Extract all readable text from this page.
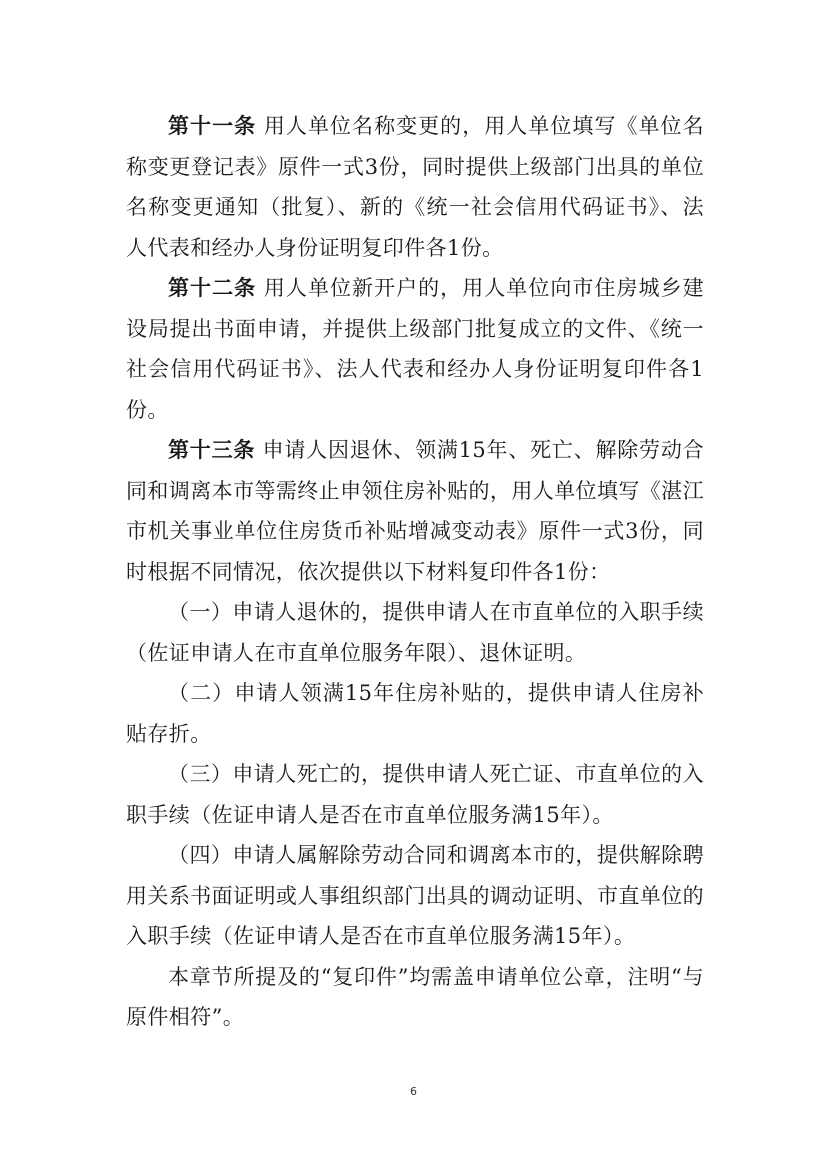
第十一条 用人单位名称变更的，用人单位填写《单位名称变更登记表》原件一式3份，同时提供上级部门出具的单位名称变更通知（批复）、新的《统一社会信用代码证书》、法人代表和经办人身份证明复印件各1份。

第十二条 用人单位新开户的，用人单位向市住房城乡建设局提出书面申请，并提供上级部门批复成立的文件、《统一社会信用代码证书》、法人代表和经办人身份证明复印件各1份。

第十三条 申请人因退休、领满15年、死亡、解除劳动合同和调离本市等需终止申领住房补贴的，用人单位填写《湛江市机关事业单位住房货币补贴增减变动表》原件一式3份，同时根据不同情况，依次提供以下材料复印件各1份：

（一）申请人退休的，提供申请人在市直单位的入职手续（佐证申请人在市直单位服务年限）、退休证明。

（二）申请人领满15年住房补贴的，提供申请人住房补贴存折。

（三）申请人死亡的，提供申请人死亡证、市直单位的入职手续（佐证申请人是否在市直单位服务满15年）。

（四）申请人属解除劳动合同和调离本市的，提供解除聘用关系书面证明或人事组织部门出具的调动证明、市直单位的入职手续（佐证申请人是否在市直单位服务满15年）。

本章节所提及的“复印件”均需盖申请单位公章，注明“与原件相符”。

6
